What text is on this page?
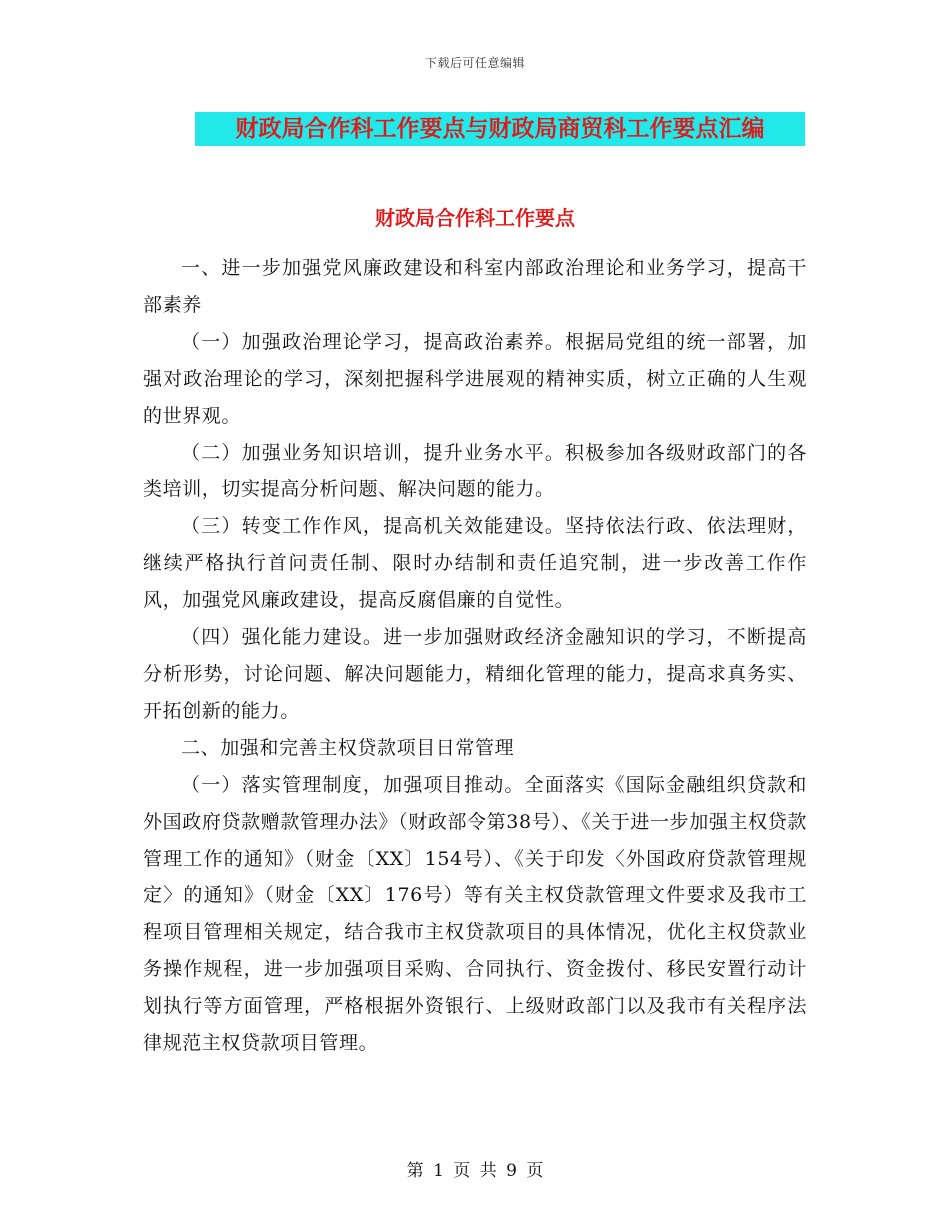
下载后可任意编辑
财政局合作科工作要点与财政局商贸科工作要点汇编
财政局合作科工作要点

一、进一步加强党风廉政建设和科室内部政治理论和业务学习，提高干部素养

（一）加强政治理论学习，提高政治素养。根据局党组的统一部署，加强对政治理论的学习，深刻把握科学进展观的精神实质，树立正确的人生观的世界观。

（二）加强业务知识培训，提升业务水平。积极参加各级财政部门的各类培训，切实提高分析问题、解决问题的能力。

（三）转变工作作风，提高机关效能建设。坚持依法行政、依法理财，继续严格执行首问责任制、限时办结制和责任追究制，进一步改善工作作风，加强党风廉政建设，提高反腐倡廉的自觉性。

（四）强化能力建设。进一步加强财政经济金融知识的学习，不断提高分析形势，讨论问题、解决问题能力，精细化管理的能力，提高求真务实、开拓创新的能力。

二、加强和完善主权贷款项目日常管理

（一）落实管理制度，加强项目推动。全面落实《国际金融组织贷款和外国政府贷款赠款管理办法》（财政部令第38号）、《关于进一步加强主权贷款管理工作的通知》（财金〔XX〕154号）、《关于印发〈外国政府贷款管理规定〉的通知》（财金〔XX〕176号）等有关主权贷款管理文件要求及我市工程项目管理相关规定，结合我市主权贷款项目的具体情况，优化主权贷款业务操作规程，进一步加强项目采购、合同执行、资金拨付、移民安置行动计划执行等方面管理，严格根据外资银行、上级财政部门以及我市有关程序法律规范主权贷款项目管理。

第 1 页 共 9 页
